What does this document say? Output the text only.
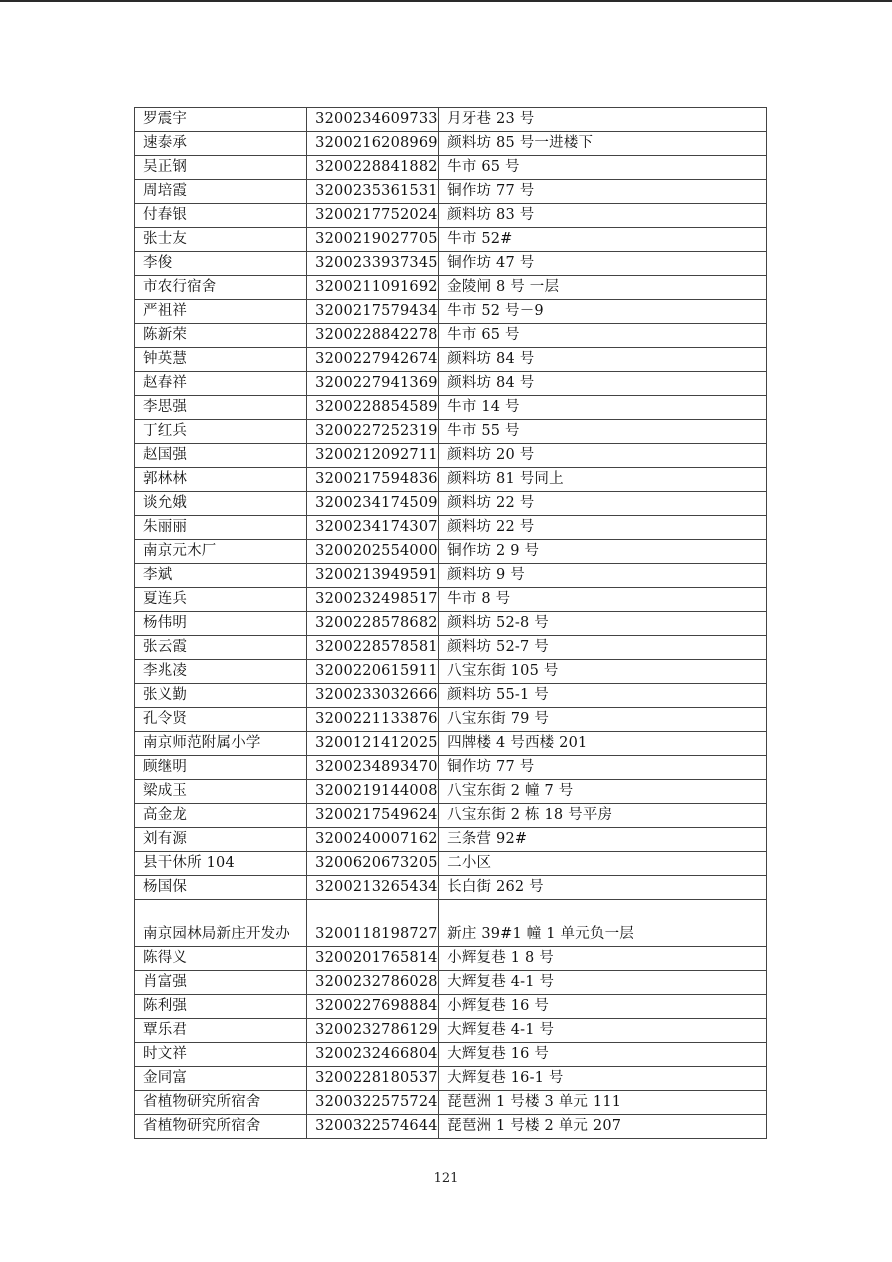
罗震宇	3200234609733	月牙巷 23 号
速泰承	3200216208969	颜料坊 85 号一进楼下
吴正钢	3200228841882	牛市 65 号
周培霞	3200235361531	铜作坊 77 号
付春银	3200217752024	颜料坊 83 号
张士友	3200219027705	牛市 52#
李俊	3200233937345	铜作坊 47 号
市农行宿舍	3200211091692	金陵闸 8 号 一层
严祖祥	3200217579434	牛市 52 号－9
陈新荣	3200228842278	牛市 65 号
钟英慧	3200227942674	颜料坊 84 号
赵春祥	3200227941369	颜料坊 84 号
李思强	3200228854589	牛市 14 号
丁红兵	3200227252319	牛市 55 号
赵国强	3200212092711	颜料坊 20 号
郭林林	3200217594836	颜料坊 81 号同上
谈允娥	3200234174509	颜料坊 22 号
朱丽丽	3200234174307	颜料坊 22 号
南京元木厂	3200202554000	铜作坊 2 9 号
李斌	3200213949591	颜料坊 9 号
夏连兵	3200232498517	牛市 8 号
杨伟明	3200228578682	颜料坊 52-8 号
张云霞	3200228578581	颜料坊 52-7 号
李兆凌	3200220615911	八宝东街 105 号
张义勤	3200233032666	颜料坊 55-1 号
孔令贤	3200221133876	八宝东街 79 号
南京师范附属小学	3200121412025	四牌楼 4 号西楼 201
顾继明	3200234893470	铜作坊 77 号
梁成玉	3200219144008	八宝东街 2 幢 7 号
高金龙	3200217549624	八宝东街 2 栋 18 号平房
刘有源	3200240007162	三条营 92#
县干休所 104	3200620673205	二小区
杨国保	3200213265434	长白街 262 号
南京园林局新庄开发办	3200118198727	新庄 39#1 幢 1 单元负一层
陈得义	3200201765814	小辉复巷 1 8 号
肖富强	3200232786028	大辉复巷 4-1 号
陈利强	3200227698884	小辉复巷 16 号
覃乐君	3200232786129	大辉复巷 4-1 号
时文祥	3200232466804	大辉复巷 16 号
金同富	3200228180537	大辉复巷 16-1 号
省植物研究所宿舍	3200322575724	琵琶洲 1 号楼 3 单元 111
省植物研究所宿舍	3200322574644	琵琶洲 1 号楼 2 单元 207
121
